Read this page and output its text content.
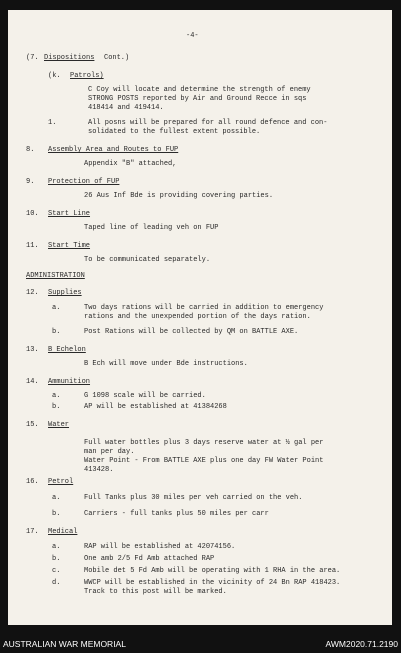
-4-
(7. Dispositions Cont.)
(k. Patrols)
C Coy will locate and determine the strength of enemy
STRONG POSTS reported by Air and Ground Recce in sqs
418414 and 419414.
1.	All posns will be prepared for all round defence and con-
solidated to the fullest extent possible.
8. Assembly Area and Routes to FUP
Appendix "B" attached,
9. Protection of FUP
26 Aus Inf Bde is providing covering parties.
10. Start Line
Taped line of leading veh on FUP
11. Start Time
To be communicated separately.
ADMINISTRATION
12. Supplies
a.	Two days rations will be carried in addition to emergency
rations and the unexpended portion of the days ration.
b.	Post Rations will be collected by QM on BATTLE AXE.
13. B Echelon
B Ech will move under Bde instructions.
14. Ammunition
a.	G 1098 scale will be carried.
b.	AP will be established at 41384268
15. Water
Full water bottles plus 3 days reserve water at ½ gal per
man per day.
Water Point - From BATTLE AXE plus one day FW Water Point
413428.
16. Petrol
a.	Full Tanks plus 30 miles per veh carried on the veh.
b.	Carriers - full tanks plus 50 miles per carr
17. Medical
a.	RAP will be established at 42074156.
b.	One amb 2/5 Fd Amb attached RAP
c.	Mobile det 5 Fd Amb will be operating with 1 RHA in the area.
d.	WWCP will be established in the vicinity of 24 Bn RAP 418423.
Track to this post will be marked.
AUSTRALIAN WAR MEMORIAL	AWM2020.71.2190
